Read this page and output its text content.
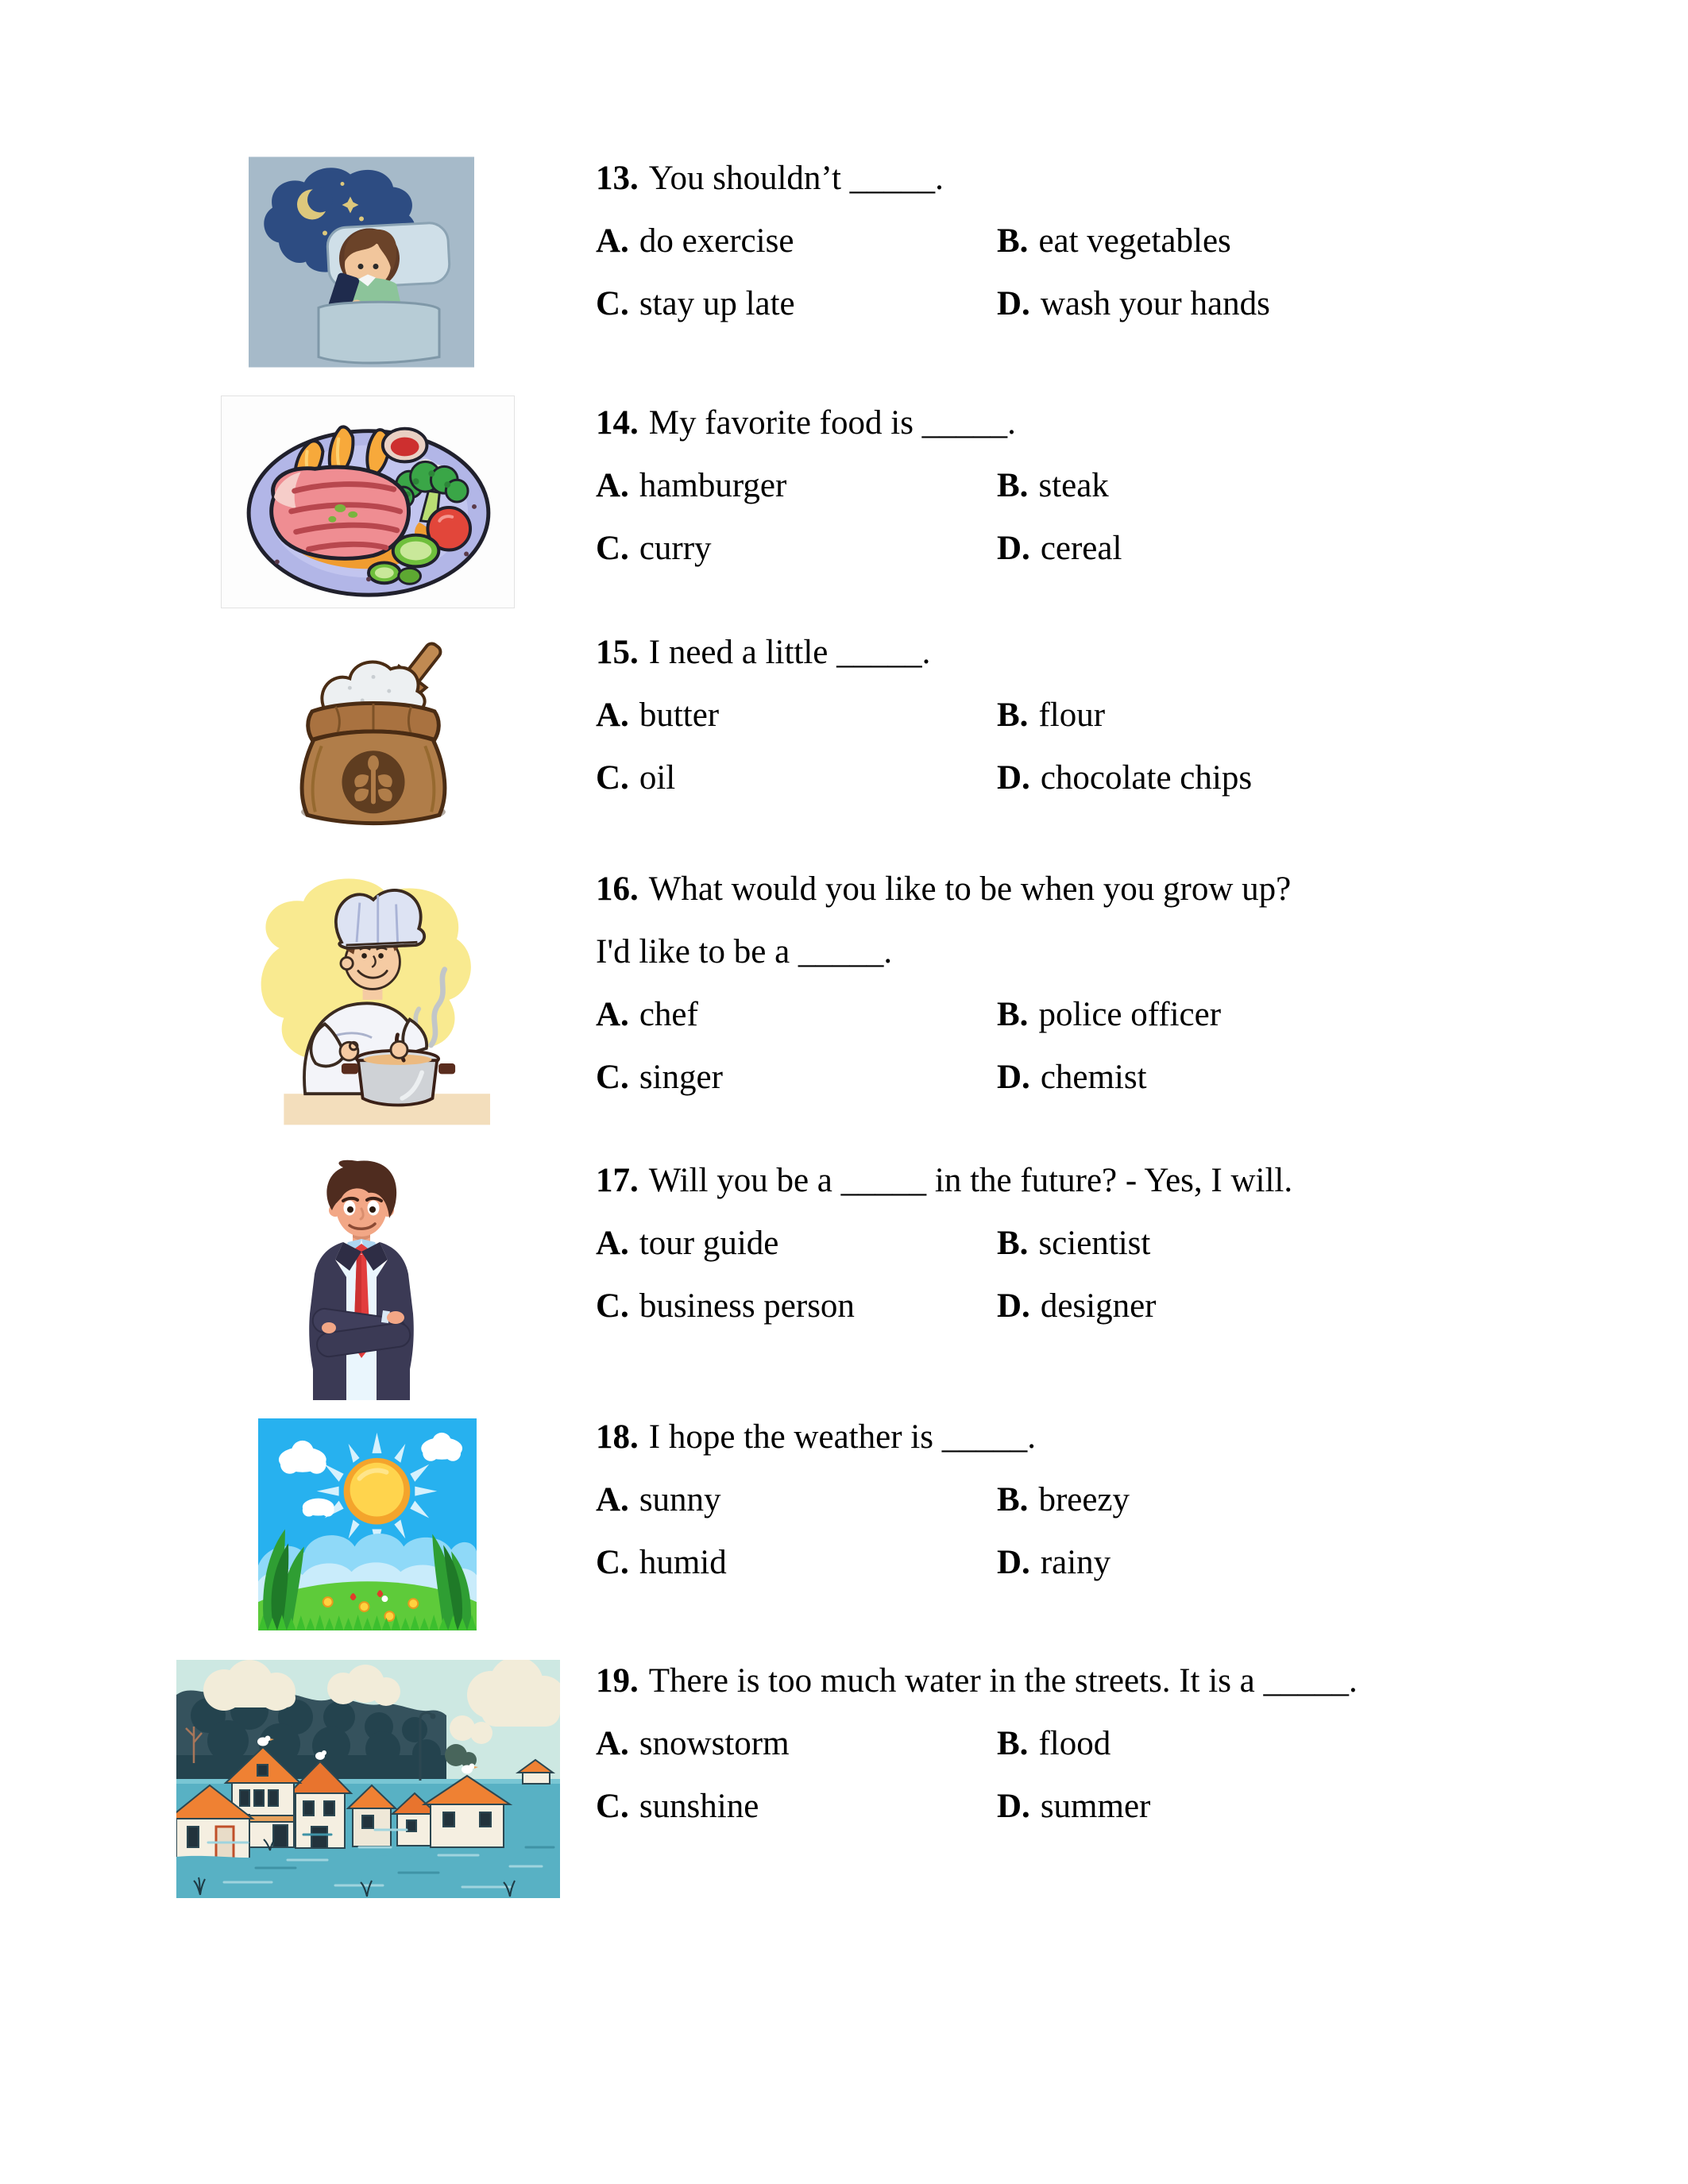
13. You shouldn’t _____.
A. do exercise	B. eat vegetables
C. stay up late	D. wash your hands
14. My favorite food is _____.
A. hamburger	B. steak
C. curry	D. cereal
15. I need a little _____.
A. butter	B. flour
C. oil	D. chocolate chips
16. What would you like to be when you grow up?
I'd like to be a _____.
A. chef	B. police officer
C. singer	D. chemist
17. Will you be a _____ in the future? - Yes, I will.
A. tour guide	B. scientist
C. business person	D. designer
18. I hope the weather is _____.
A. sunny	B. breezy
C. humid	D. rainy
19. There is too much water in the streets. It is a _____.
A. snowstorm	B. flood
C. sunshine	D. summer
